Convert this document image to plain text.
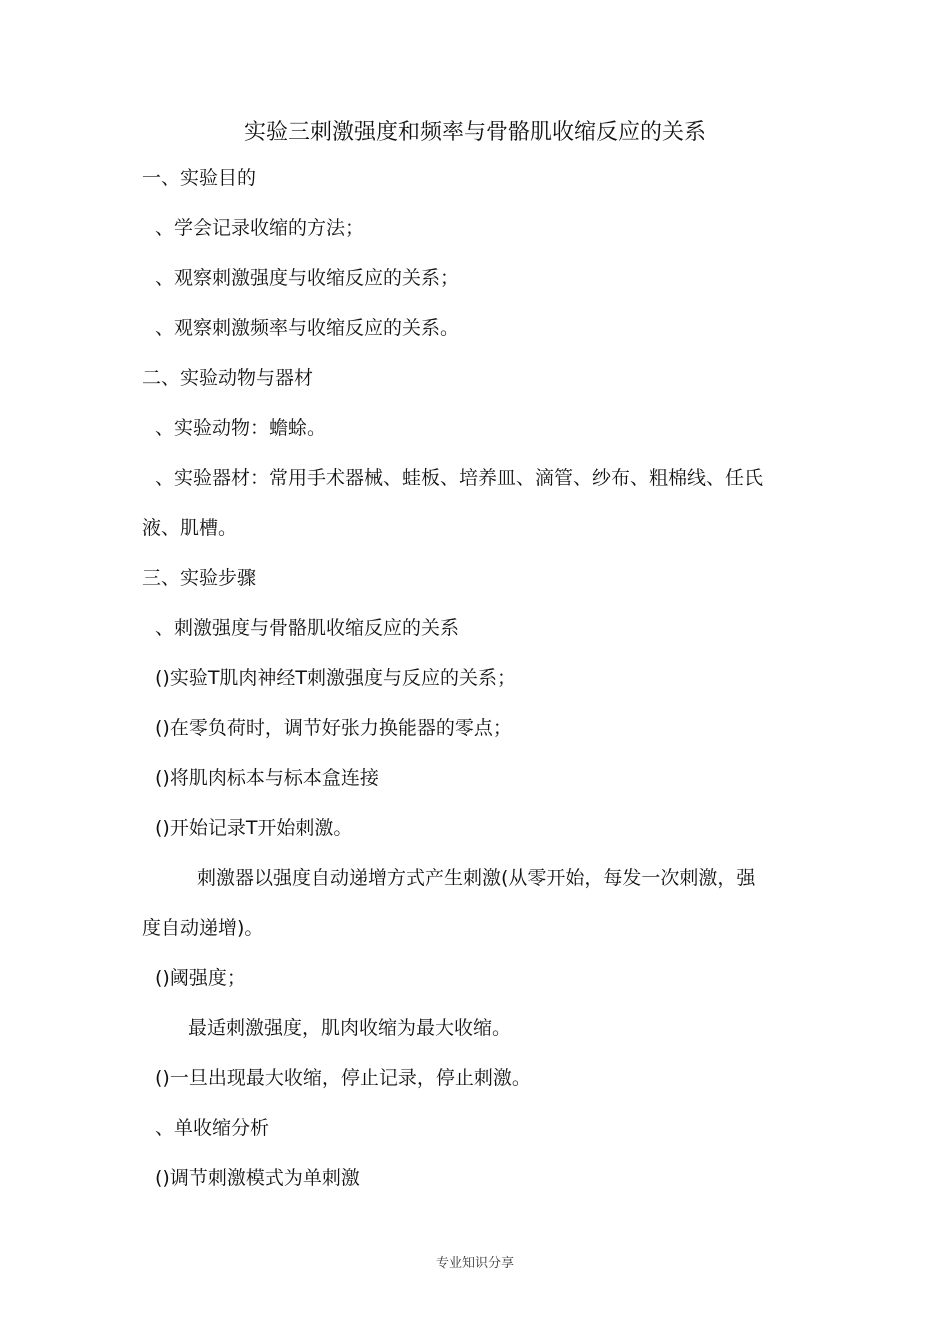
实验三刺激强度和频率与骨骼肌收缩反应的关系
一、实验目的
、学会记录收缩的方法；
、观察刺激强度与收缩反应的关系；
、观察刺激频率与收缩反应的关系。
二、实验动物与器材
、实验动物：蟾蜍。
、实验器材：常用手术器械、蛙板、培养皿、滴管、纱布、粗棉线、任氏
液、肌槽。
三、实验步骤
、刺激强度与骨骼肌收缩反应的关系
()实验T肌肉神经T刺激强度与反应的关系；
()在零负荷时，调节好张力换能器的零点；
()将肌肉标本与标本盒连接
()开始记录T开始刺激。
刺激器以强度自动递增方式产生刺激(从零开始，每发一次刺激，强
度自动递增)。
()阈强度；
最适刺激强度，肌肉收缩为最大收缩。
()一旦出现最大收缩，停止记录，停止刺激。
、单收缩分析
()调节刺激模式为单刺激
专业知识分享
